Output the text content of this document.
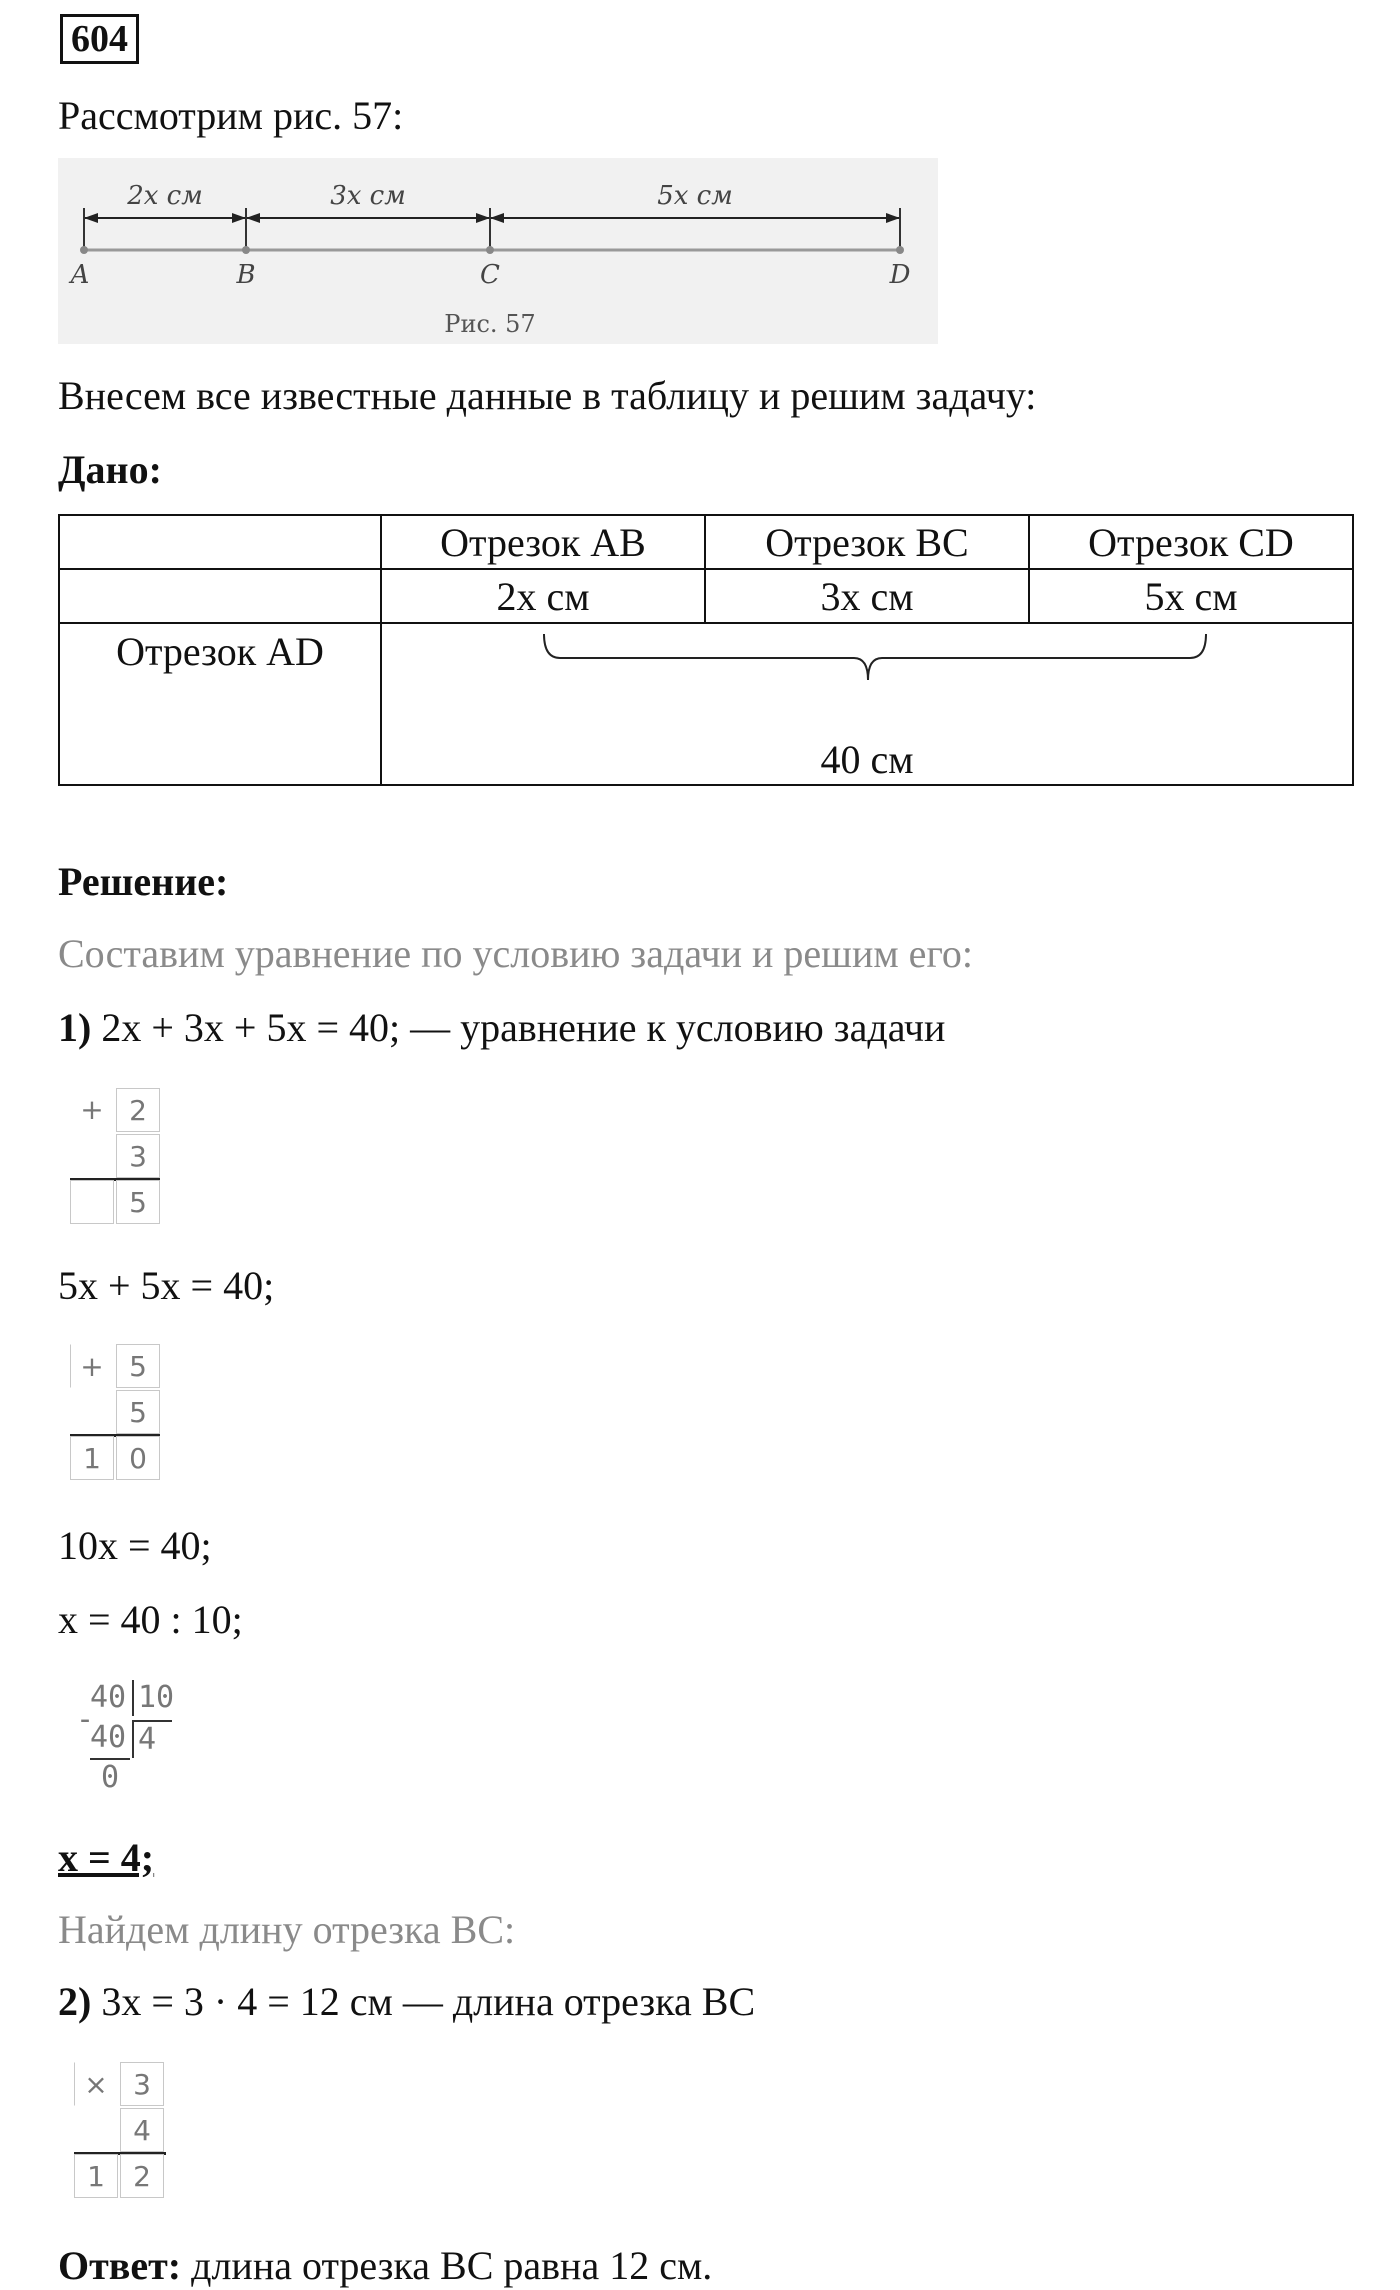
604
Рассмотрим рис. 57:
2x см	3x см	5x см
A	B	C	D
Рис. 57
Внесем все известные данные в таблицу и решим задачу:
Дано:
	Отрезок AB	Отрезок BC	Отрезок CD
	2x см	3x см	5x см
Отрезок AD	40 см		
Решение:
Составим уравнение по условию задачи и решим его:
1) 2x + 3x + 5x = 40; — уравнение к условию задачи
+ 2
3
5
5x + 5x = 40;
+ 5
5
1	0
10x = 40;
x = 40 : 10;
40 10
-
40 4
0
x = 4;
Найдем длину отрезка BC:
2) 3x = 3 · 4 = 12 см — длина отрезка BC
× 3
4
1	2
Ответ: длина отрезка BC равна 12 см.
